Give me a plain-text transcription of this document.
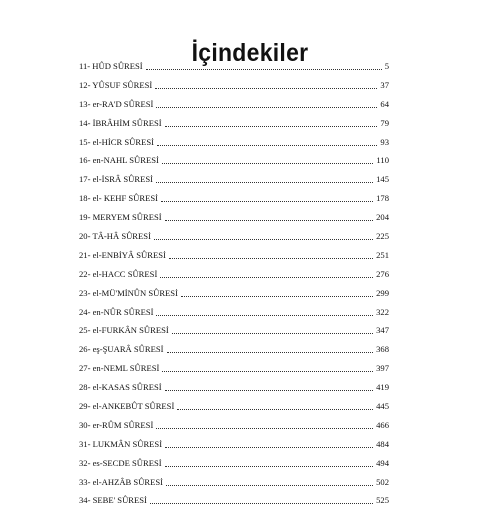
İçindekiler
11- HÛD SÛRESİ	5
12- YÛSUF SÛRESİ	37
13- er-RA'D SÛRESİ	64
14- İBRÂHİM SÛRESİ	79
15- el-HİCR SÛRESİ	93
16- en-NAHL SÛRESİ	110
17- el-İSRÂ SÛRESİ	145
18- el- KEHF SÛRESİ	178
19- MERYEM SÛRESİ	204
20- TÂ-HÂ SÛRESİ	225
21- el-ENBİYÂ SÛRESİ	251
22- el-HACC SÛRESİ	276
23- el-MÜ'MİNÛN SÛRESİ	299
24- en-NÛR SÛRESİ	322
25- el-FURKÂN SÛRESİ	347
26- eş-ŞUARÂ SÛRESİ	368
27- en-NEML SÛRESİ	397
28- el-KASAS SÛRESİ	419
29- el-ANKEBÛT SÛRESİ	445
30- er-RÛM SÛRESİ	466
31- LUKMÂN SÛRESİ	484
32- es-SECDE SÛRESİ	494
33- el-AHZÂB SÛRESİ	502
34- SEBE' SÛRESİ	525
